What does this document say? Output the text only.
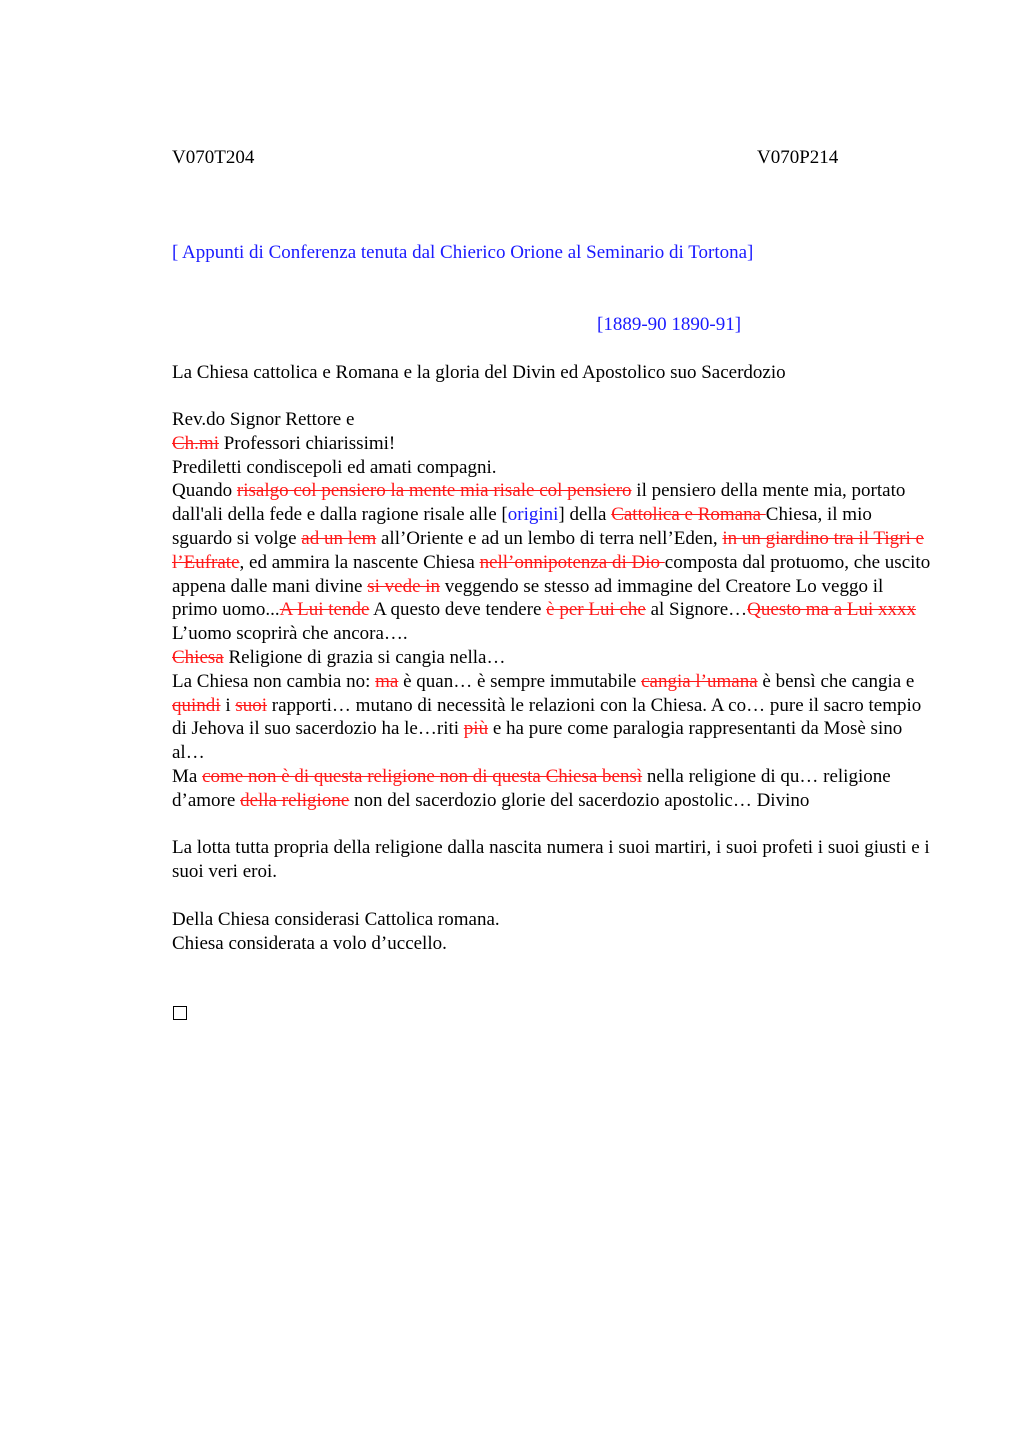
V070T204	V070P214
[ Appunti di Conferenza tenuta dal Chierico Orione al Seminario di Tortona]
[1889-90 1890-91]
La Chiesa cattolica e Romana e la gloria del Divin ed Apostolico suo Sacerdozio

Rev.do Signor Rettore e

Ch.mi Professori chiarissimi!

Prediletti condiscepoli ed amati compagni.

Quando risalgo col pensiero la mente mia risale col pensiero il pensiero della mente mia, portato dall'ali della fede e dalla ragione risale alle [origini] della Cattolica e Romana Chiesa, il mio sguardo si volge ad un lem all’Oriente e ad un lembo di terra nell’Eden, in un giardino tra il Tigri e l’Eufrate, ed ammira la nascente Chiesa nell’onnipotenza di Dio composta dal protuomo, che uscito appena dalle mani divine si vede in veggendo se stesso ad immagine del Creatore Lo veggo il primo uomo...A Lui tende A questo deve tendere è per Lui che al Signore…Questo ma a Lui xxxx L’uomo scoprirà che ancora….

Chiesa Religione di grazia si cangia nella…

La Chiesa non cambia no: ma è quan… è sempre immutabile cangia l’umana è bensì che cangia e quindi i suoi rapporti… mutano di necessità le relazioni con la Chiesa. A co… pure il sacro tempio di Jehova il suo sacerdozio ha le…riti più e ha pure come paralogia rappresentanti da Mosè sino al…

Ma come non è di questa religione non di questa Chiesa bensì nella religione di qu… religione d’amore della religione non del sacerdozio glorie del sacerdozio apostolic… Divino

La lotta tutta propria della religione dalla nascita numera i suoi martiri, i suoi profeti i suoi giusti e i suoi veri eroi.

Della Chiesa considerasi Cattolica romana.

Chiesa considerata a volo d’uccello.
